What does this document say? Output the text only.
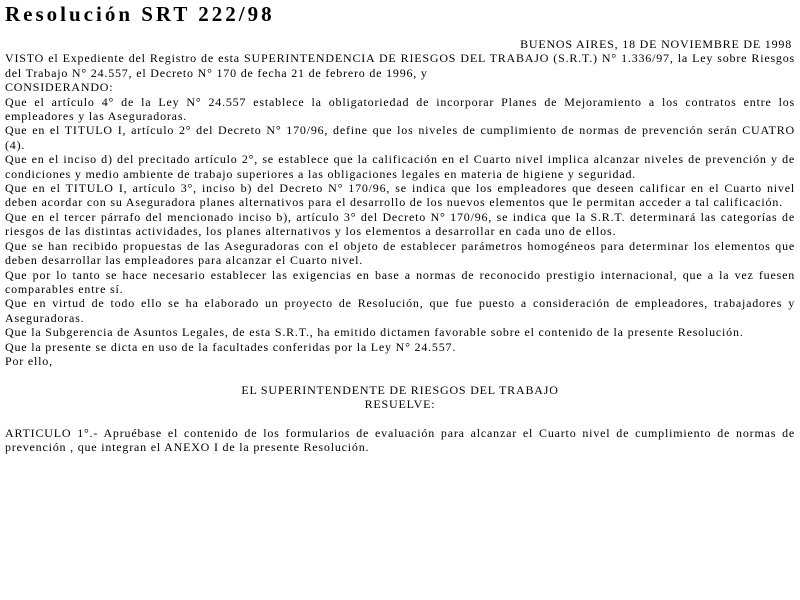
Resolución SRT 222/98
BUENOS AIRES, 18 DE NOVIEMBRE DE 1998
VISTO el Expediente del Registro de esta SUPERINTENDENCIA DE RIESGOS DEL TRABAJO (S.R.T.) N° 1.336/97, la Ley sobre Riesgos del Trabajo N° 24.557, el Decreto N° 170 de fecha 21 de febrero de 1996, y
CONSIDERANDO:
Que el artículo 4° de la Ley N° 24.557 establece la obligatoriedad de incorporar Planes de Mejoramiento a los contratos entre los empleadores y las Aseguradoras.
Que en el TITULO I, artículo 2° del Decreto N° 170/96, define que los niveles de cumplimiento de normas de prevención serán CUATRO (4).
Que en el inciso d) del precitado artículo 2°, se establece que la calificación en el Cuarto nivel implica alcanzar niveles de prevención y de condiciones y medio ambiente de trabajo superiores a las obligaciones legales en materia de higiene y seguridad.
Que en el TITULO I, artículo 3°, inciso b) del Decreto N° 170/96, se indica que los empleadores que deseen calificar en el Cuarto nivel deben acordar con su Aseguradora planes alternativos para el desarrollo de los nuevos elementos que le permitan acceder a tal calificación.
Que en el tercer párrafo del mencionado inciso b), artículo 3° del Decreto N° 170/96, se indica que la S.R.T. determinará las categorías de riesgos de las distintas actividades, los planes alternativos y los elementos a desarrollar en cada uno de ellos.
Que se han recibido propuestas de las Aseguradoras con el objeto de establecer parámetros homogéneos para determinar los elementos que deben desarrollar las empleadores para alcanzar el Cuarto nivel.
Que por lo tanto se hace necesario establecer las exigencias en base a normas de reconocido prestigio internacional, que a la vez fuesen comparables entre sí.
Que en virtud de todo ello se ha elaborado un proyecto de Resolución, que fue puesto a consideración de empleadores, trabajadores y Aseguradoras.
Que la Subgerencia de Asuntos Legales, de esta S.R.T., ha emitido dictamen favorable sobre el contenido de la presente Resolución.
Que la presente se dicta en uso de la facultades conferidas por la Ley N° 24.557.
Por ello,
EL SUPERINTENDENTE DE RIESGOS DEL TRABAJO
RESUELVE:
ARTICULO 1°.- Apruébase el contenido de los formularios de evaluación para alcanzar el Cuarto nivel de cumplimiento de normas de prevención , que integran el ANEXO I de la presente Resolución.
